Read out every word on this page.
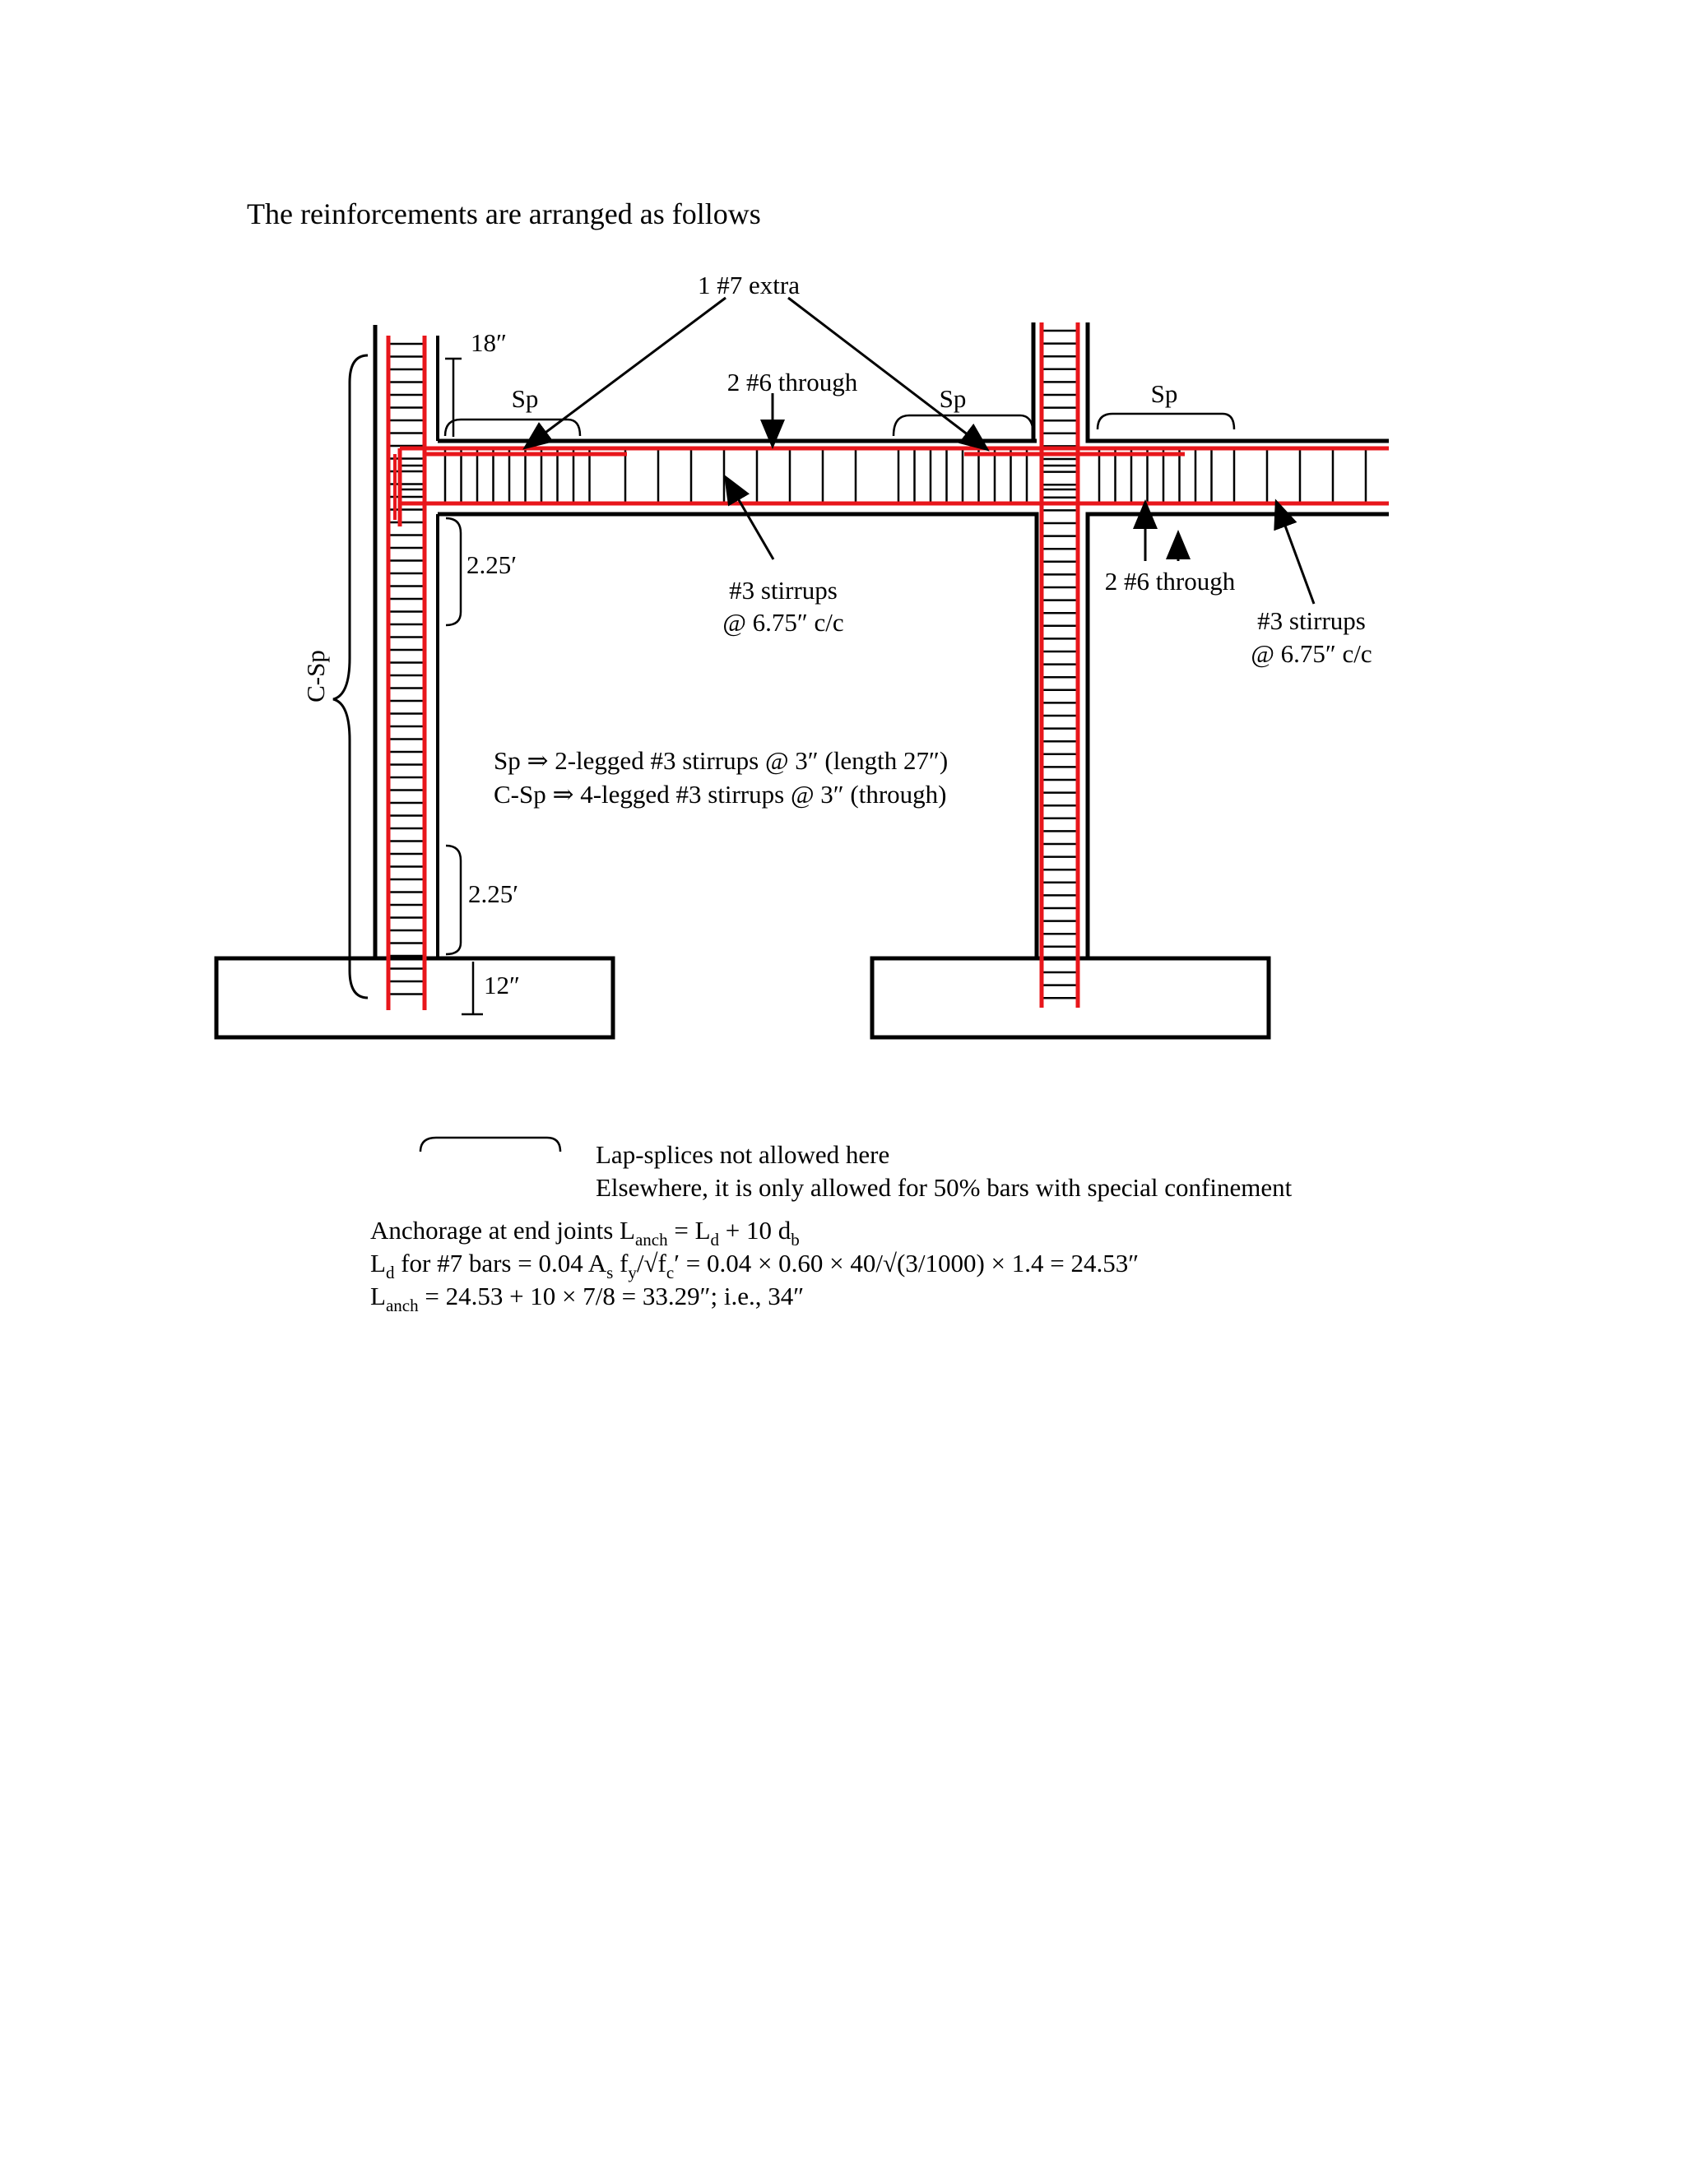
The reinforcements are arranged as follows
1 #7 extra
2 #6 through
Sp	Sp	Sp
18″
2.25′
2.25′
12″
C-Sp
#3 stirrups
@ 6.75″ c/c
2 #6 through
#3 stirrups
@ 6.75″ c/c
Sp ⇒ 2-legged #3 stirrups @ 3″ (length 27″)
C-Sp ⇒ 4-legged #3 stirrups @ 3″ (through)
Lap-splices not allowed here
Elsewhere, it is only allowed for 50% bars with special confinement
Anchorage at end joints $L_{anch} = L_d + 10$ $d_b$
$L_d$ for #7 bars = 0.04 $A_s$ $f_y/√f_c' = 0.04 \times 0.60 \times 40/√(3/1000) \times 1.4 = 24.53''$
$L_{anch} = 24.53 + 10 \times 7/8 = 33.29''$; i.e., 34″
